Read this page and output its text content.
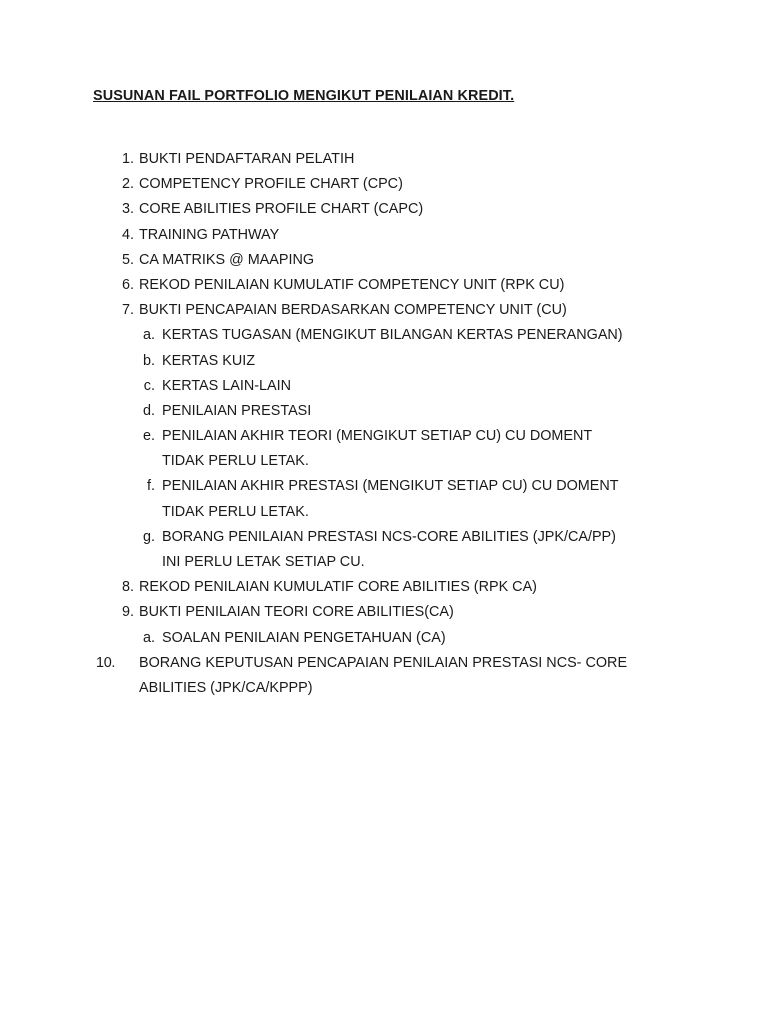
SUSUNAN FAIL PORTFOLIO MENGIKUT PENILAIAN KREDIT.
1. BUKTI PENDAFTARAN PELATIH
2. COMPETENCY PROFILE CHART (CPC)
3. CORE ABILITIES PROFILE CHART (CAPC)
4. TRAINING PATHWAY
5. CA MATRIKS @ MAAPING
6. REKOD PENILAIAN KUMULATIF COMPETENCY UNIT (RPK CU)
7. BUKTI PENCAPAIAN BERDASARKAN COMPETENCY UNIT (CU)
a. KERTAS TUGASAN (MENGIKUT BILANGAN KERTAS PENERANGAN)
b. KERTAS KUIZ
c. KERTAS LAIN-LAIN
d. PENILAIAN PRESTASI
e. PENILAIAN AKHIR TEORI (MENGIKUT SETIAP CU) CU DOMENT
TIDAK PERLU LETAK.
f. PENILAIAN AKHIR PRESTASI (MENGIKUT SETIAP CU) CU DOMENT
TIDAK PERLU LETAK.
g. BORANG PENILAIAN PRESTASI NCS-CORE ABILITIES (JPK/CA/PP)
INI PERLU LETAK SETIAP CU.
8. REKOD PENILAIAN KUMULATIF CORE ABILITIES (RPK CA)
9. BUKTI PENILAIAN TEORI CORE ABILITIES(CA)
a. SOALAN PENILAIAN PENGETAHUAN (CA)
10.	BORANG KEPUTUSAN PENCAPAIAN PENILAIAN PRESTASI NCS- CORE
ABILITIES (JPK/CA/KPPP)
